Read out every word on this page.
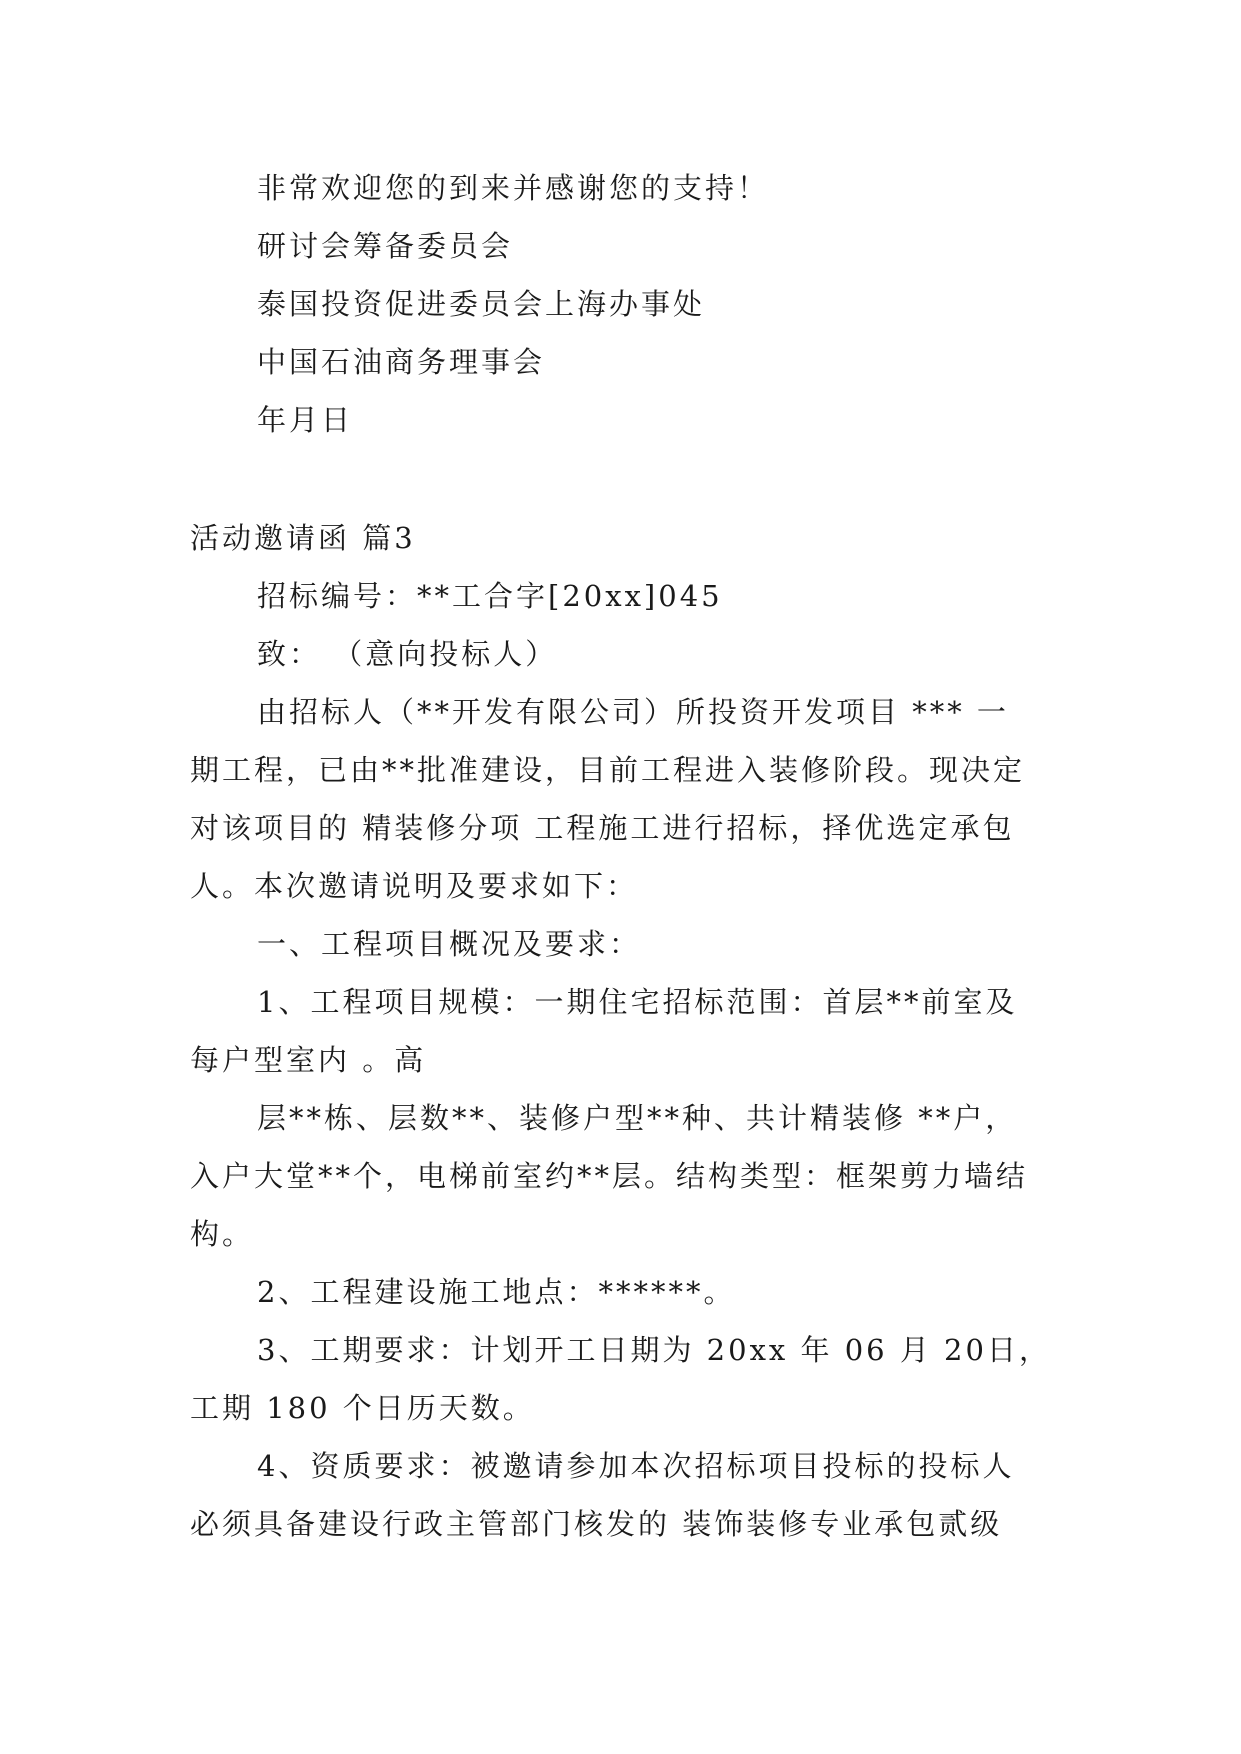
非常欢迎您的到来并感谢您的支持！
研讨会筹备委员会
泰国投资促进委员会上海办事处
中国石油商务理事会
年月日
活动邀请函 篇3
招标编号：**工合字[20xx]045
致： （意向投标人）
由招标人（**开发有限公司）所投资开发项目 *** 一
期工程，已由**批准建设，目前工程进入装修阶段。现决定
对该项目的 精装修分项 工程施工进行招标，择优选定承包
人。本次邀请说明及要求如下：
一、工程项目概况及要求：
1、工程项目规模：一期住宅招标范围：首层**前室及
每户型室内 。高
层**栋、层数**、装修户型**种、共计精装修 **户，
入户大堂**个，电梯前室约**层。结构类型：框架剪力墙结
构。
2、工程建设施工地点：******。
3、工期要求：计划开工日期为 20xx 年 06 月 20日，
工期 180 个日历天数。
4、资质要求：被邀请参加本次招标项目投标的投标人
必须具备建设行政主管部门核发的 装饰装修专业承包贰级
